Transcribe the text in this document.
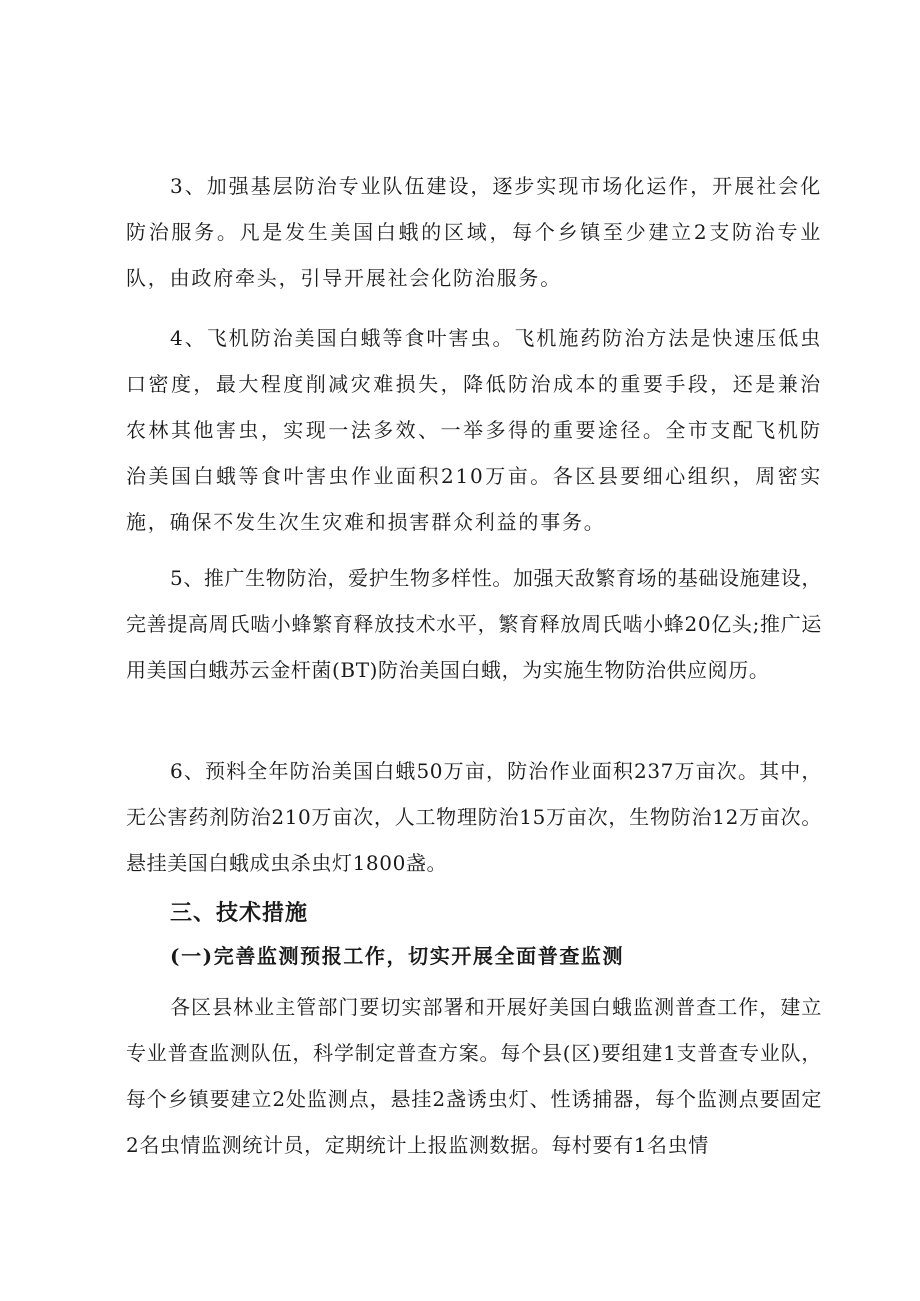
3、加强基层防治专业队伍建设，逐步实现市场化运作，开展社会化防治服务。凡是发生美国白蛾的区域，每个乡镇至少建立2支防治专业队，由政府牵头，引导开展社会化防治服务。

4、飞机防治美国白蛾等食叶害虫。飞机施药防治方法是快速压低虫口密度，最大程度削减灾难损失，降低防治成本的重要手段，还是兼治农林其他害虫，实现一法多效、一举多得的重要途径。全市支配飞机防治美国白蛾等食叶害虫作业面积210万亩。各区县要细心组织，周密实施，确保不发生次生灾难和损害群众利益的事务。

5、推广生物防治，爱护生物多样性。加强天敌繁育场的基础设施建设，完善提高周氏啮小蜂繁育释放技术水平，繁育释放周氏啮小蜂20亿头;推广运用美国白蛾苏云金杆菌(BT)防治美国白蛾，为实施生物防治供应阅历。

6、预料全年防治美国白蛾50万亩，防治作业面积237万亩次。其中，无公害药剂防治210万亩次，人工物理防治15万亩次，生物防治12万亩次。悬挂美国白蛾成虫杀虫灯1800盏。

三、技术措施
(一)完善监测预报工作，切实开展全面普查监测

各区县林业主管部门要切实部署和开展好美国白蛾监测普查工作，建立专业普查监测队伍，科学制定普查方案。每个县(区)要组建1支普查专业队，每个乡镇要建立2处监测点，悬挂2盏诱虫灯、性诱捕器，每个监测点要固定2名虫情监测统计员，定期统计上报监测数据。每村要有1名虫情
